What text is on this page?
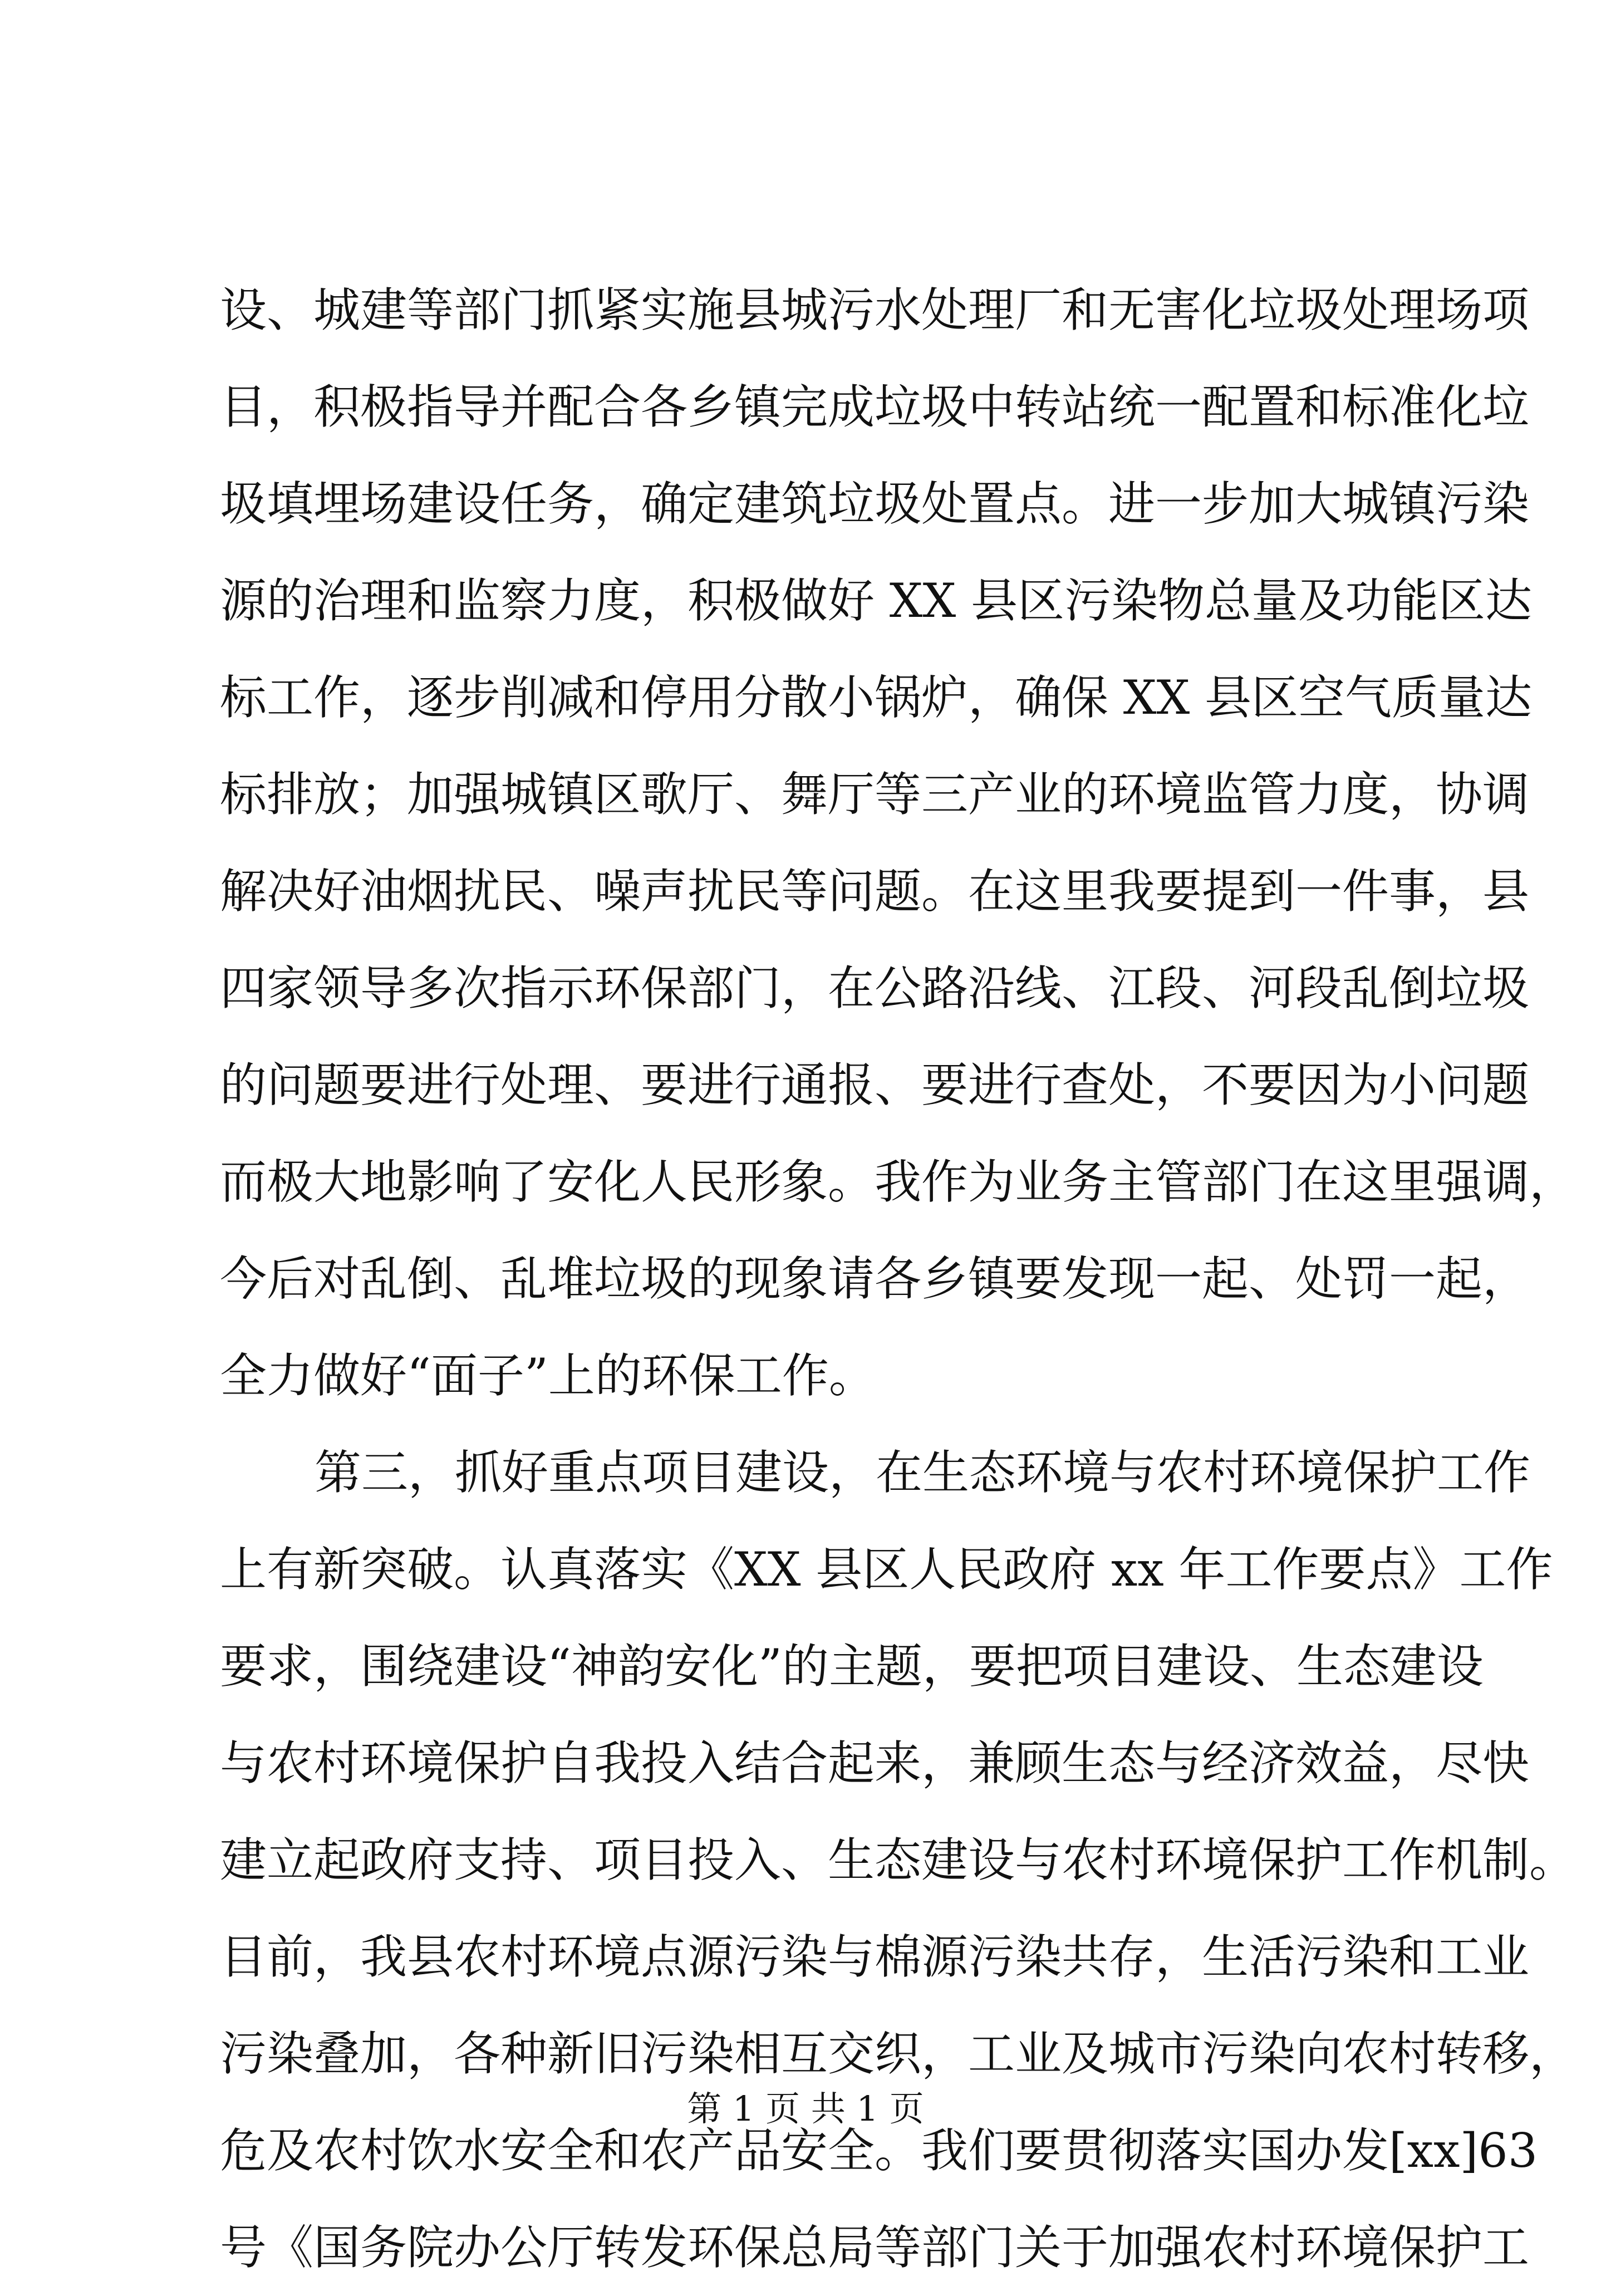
设、城建等部门抓紧实施县城污水处理厂和无害化垃圾处理场项
目，积极指导并配合各乡镇完成垃圾中转站统一配置和标准化垃
圾填埋场建设任务，确定建筑垃圾处置点。进一步加大城镇污染
源的治理和监察力度，积极做好 XX 县区污染物总量及功能区达
标工作，逐步削减和停用分散小锅炉，确保 XX 县区空气质量达
标排放；加强城镇区歌厅、舞厅等三产业的环境监管力度，协调
解决好油烟扰民、噪声扰民等问题。在这里我要提到一件事，县
四家领导多次指示环保部门，在公路沿线、江段、河段乱倒垃圾
的问题要进行处理、要进行通报、要进行查处，不要因为小问题
而极大地影响了安化人民形象。我作为业务主管部门在这里强调，
今后对乱倒、乱堆垃圾的现象请各乡镇要发现一起、处罚一起，
全力做好“面子”上的环保工作。
第三，抓好重点项目建设，在生态环境与农村环境保护工作
上有新突破。认真落实《XX 县区人民政府 xx 年工作要点》工作
要求，围绕建设“神韵安化”的主题，要把项目建设、生态建设
与农村环境保护自我投入结合起来，兼顾生态与经济效益，尽快
建立起政府支持、项目投入、生态建设与农村环境保护工作机制。
目前，我县农村环境点源污染与棉源污染共存，生活污染和工业
污染叠加，各种新旧污染相互交织，工业及城市污染向农村转移，
危及农村饮水安全和农产品安全。我们要贯彻落实国办发[xx]63
号《国务院办公厅转发环保总局等部门关于加强农村环境保护工
第 1 页 共 1 页
